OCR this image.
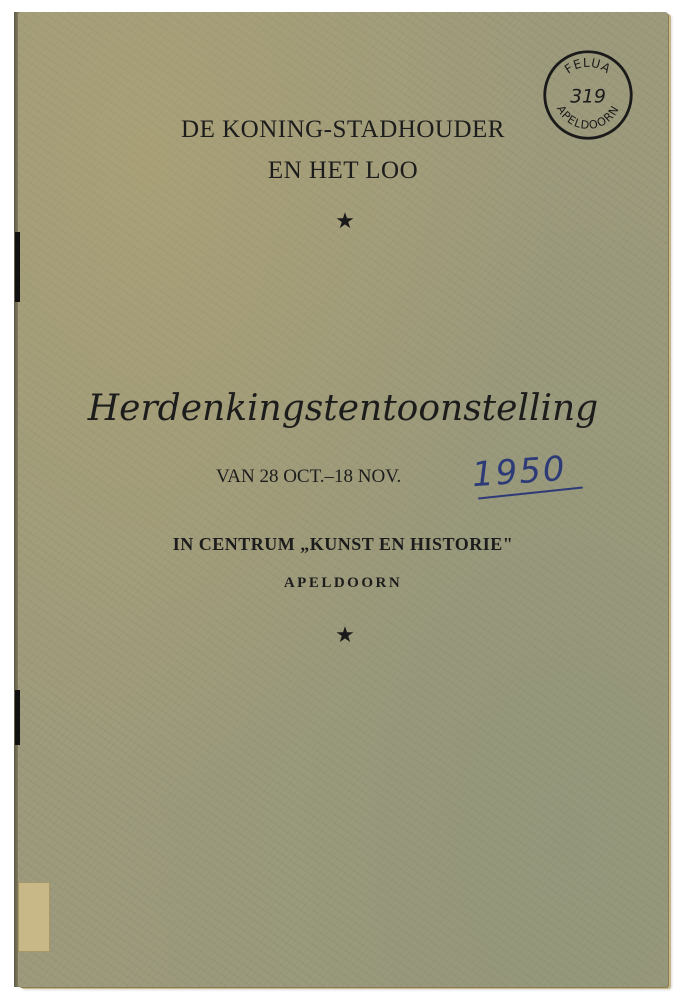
DE KONING-STADHOUDER
EN HET LOO
★
Herdenkingstentoonstelling
VAN 28 OCT.–18 NOV. 1950
IN CENTRUM „KUNST EN HISTORIE"
APELDOORN
★
FELUA
319
APELDOORN
